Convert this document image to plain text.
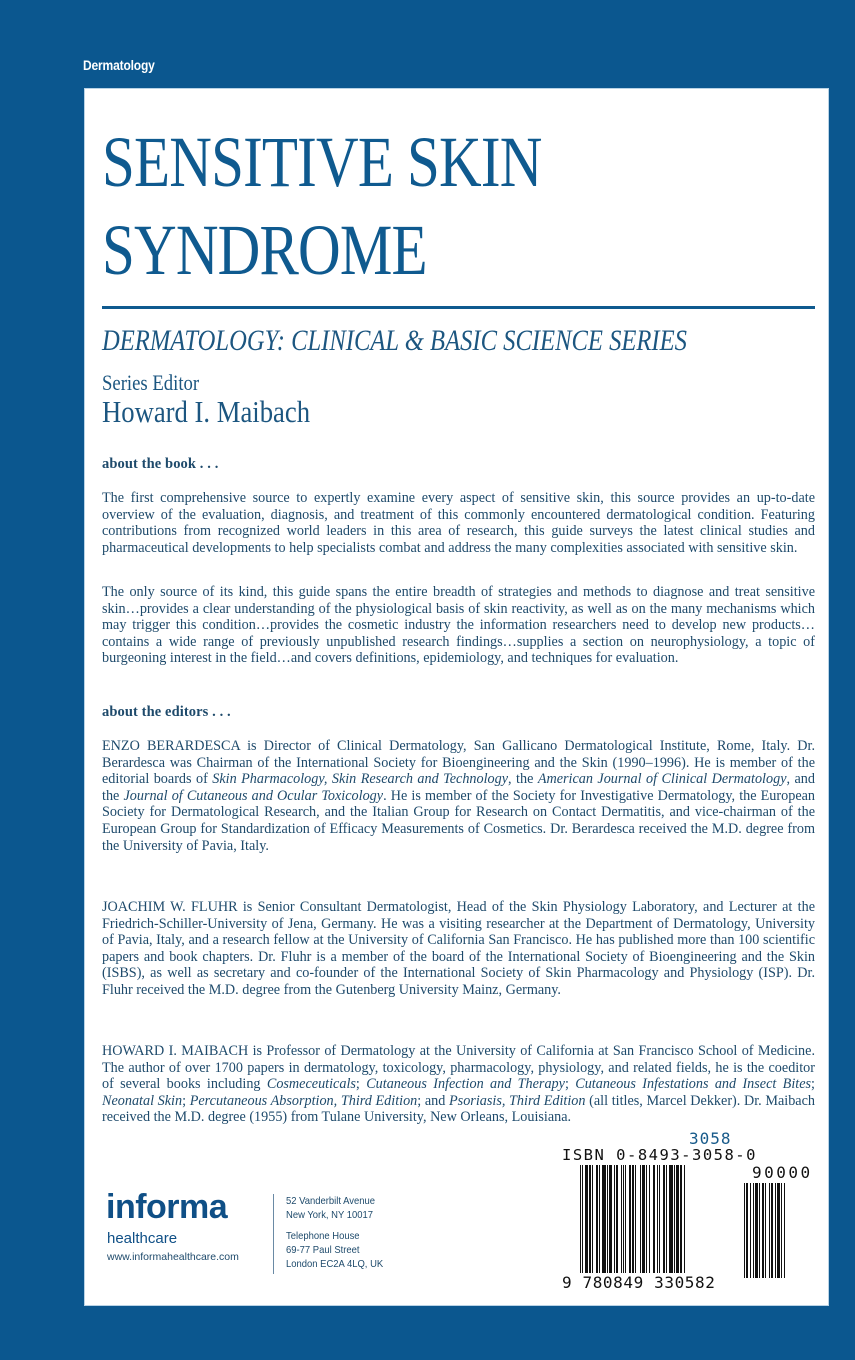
Dermatology
SENSITIVE SKIN
SYNDROME
DERMATOLOGY: CLINICAL & BASIC SCIENCE SERIES
Series Editor
Howard I. Maibach
about the book . . .

The first comprehensive source to expertly examine every aspect of sensitive skin, this source provides an up-to-date overview of the evaluation, diagnosis, and treatment of this commonly encountered dermatological condition. Featuring contributions from recognized world leaders in this area of research, this guide surveys the latest clinical studies and pharmaceutical developments to help specialists combat and address the many complexities associated with sensitive skin.

The only source of its kind, this guide spans the entire breadth of strategies and methods to diagnose and treat sensitive skin…provides a clear understanding of the physiological basis of skin reactivity, as well as on the many mechanisms which may trigger this condition…provides the cosmetic industry the information researchers need to develop new products…contains a wide range of previously unpublished research findings…supplies a section on neurophysiology, a topic of burgeoning interest in the field…and covers definitions, epidemiology, and techniques for evaluation.

about the editors . . .

ENZO BERARDESCA is Director of Clinical Dermatology, San Gallicano Dermatological Institute, Rome, Italy. Dr. Berardesca was Chairman of the International Society for Bioengineering and the Skin (1990–1996). He is member of the editorial boards of Skin Pharmacology, Skin Research and Technology, the American Journal of Clinical Dermatology, and the Journal of Cutaneous and Ocular Toxicology. He is member of the Society for Investigative Dermatology, the European Society for Dermatological Research, and the Italian Group for Research on Contact Dermatitis, and vice-chairman of the European Group for Standardization of Efficacy Measurements of Cosmetics. Dr. Berardesca received the M.D. degree from the University of Pavia, Italy.

JOACHIM W. FLUHR is Senior Consultant Dermatologist, Head of the Skin Physiology Laboratory, and Lecturer at the Friedrich-Schiller-University of Jena, Germany. He was a visiting researcher at the Department of Dermatology, University of Pavia, Italy, and a research fellow at the University of California San Francisco. He has published more than 100 scientific papers and book chapters. Dr. Fluhr is a member of the board of the International Society of Bioengineering and the Skin (ISBS), as well as secretary and co-founder of the International Society of Skin Pharmacology and Physiology (ISP). Dr. Fluhr received the M.D. degree from the Gutenberg University Mainz, Germany.

HOWARD I. MAIBACH is Professor of Dermatology at the University of California at San Francisco School of Medicine. The author of over 1700 papers in dermatology, toxicology, pharmacology, physiology, and related fields, he is the coeditor of several books including Cosmeceuticals; Cutaneous Infection and Therapy; Cutaneous Infestations and Insect Bites; Neonatal Skin; Percutaneous Absorption, Third Edition; and Psoriasis, Third Edition (all titles, Marcel Dekker). Dr. Maibach received the M.D. degree (1955) from Tulane University, New Orleans, Louisiana.

informa
healthcare
www.informahealthcare.com
52 Vanderbilt Avenue
New York, NY 10017
Telephone House
69-77 Paul Street
London EC2A 4LQ, UK
3058
ISBN 0-8493-3058-0
90000
9 780849 330582
